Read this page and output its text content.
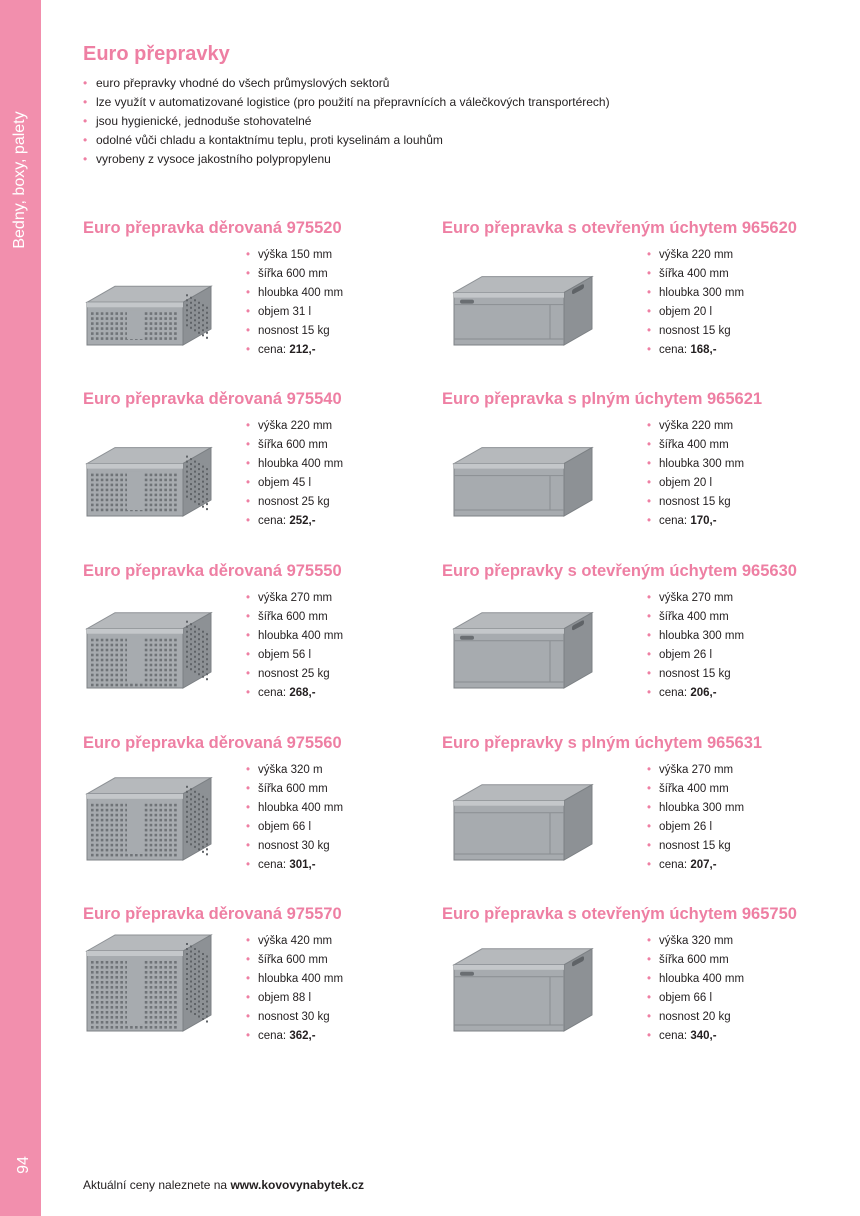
Bedny, boxy, palety
94
Euro přepravky
• euro přepravky vhodné do všech průmyslových sektorů
• lze využít v automatizované logistice (pro použití na přepravnících a válečkových transportérech)
• jsou hygienické, jednoduše stohovatelné
• odolné vůči chladu a kontaktnímu teplu, proti kyselinám a louhům
• vyrobeny z vysoce jakostního polypropylenu
Euro přepravka děrovaná 975520
• výška 150 mm
• šířka 600 mm
• hloubka 400 mm
• objem 31 l
• nosnost 15 kg
• cena: 212,-
Euro přepravka s otevřeným úchytem 965620
• výška 220 mm
• šířka 400 mm
• hloubka 300 mm
• objem 20 l
• nosnost 15 kg
• cena: 168,-
Euro přepravka děrovaná 975540
• výška 220 mm
• šířka 600 mm
• hloubka 400 mm
• objem 45 l
• nosnost 25 kg
• cena: 252,-
Euro přepravka s plným úchytem 965621
• výška 220 mm
• šířka 400 mm
• hloubka 300 mm
• objem 20 l
• nosnost 15 kg
• cena: 170,-
Euro přepravka děrovaná 975550
• výška 270 mm
• šířka 600 mm
• hloubka 400 mm
• objem 56 l
• nosnost 25 kg
• cena: 268,-
Euro přepravky s otevřeným úchytem 965630
• výška 270 mm
• šířka 400 mm
• hloubka 300 mm
• objem 26 l
• nosnost 15 kg
• cena: 206,-
Euro přepravka děrovaná 975560
• výška 320 m
• šířka 600 mm
• hloubka 400 mm
• objem 66 l
• nosnost 30 kg
• cena: 301,-
Euro přepravky s plným úchytem 965631
• výška 270 mm
• šířka 400 mm
• hloubka 300 mm
• objem 26 l
• nosnost 15 kg
• cena: 207,-
Euro přepravka děrovaná 975570
• výška 420 mm
• šířka 600 mm
• hloubka 400 mm
• objem 88 l
• nosnost 30 kg
• cena: 362,-
Euro přepravka s otevřeným úchytem 965750
• výška 320 mm
• šířka 600 mm
• hloubka 400 mm
• objem 66 l
• nosnost 20 kg
• cena: 340,-
Aktuální ceny naleznete na www.kovovynabytek.cz
